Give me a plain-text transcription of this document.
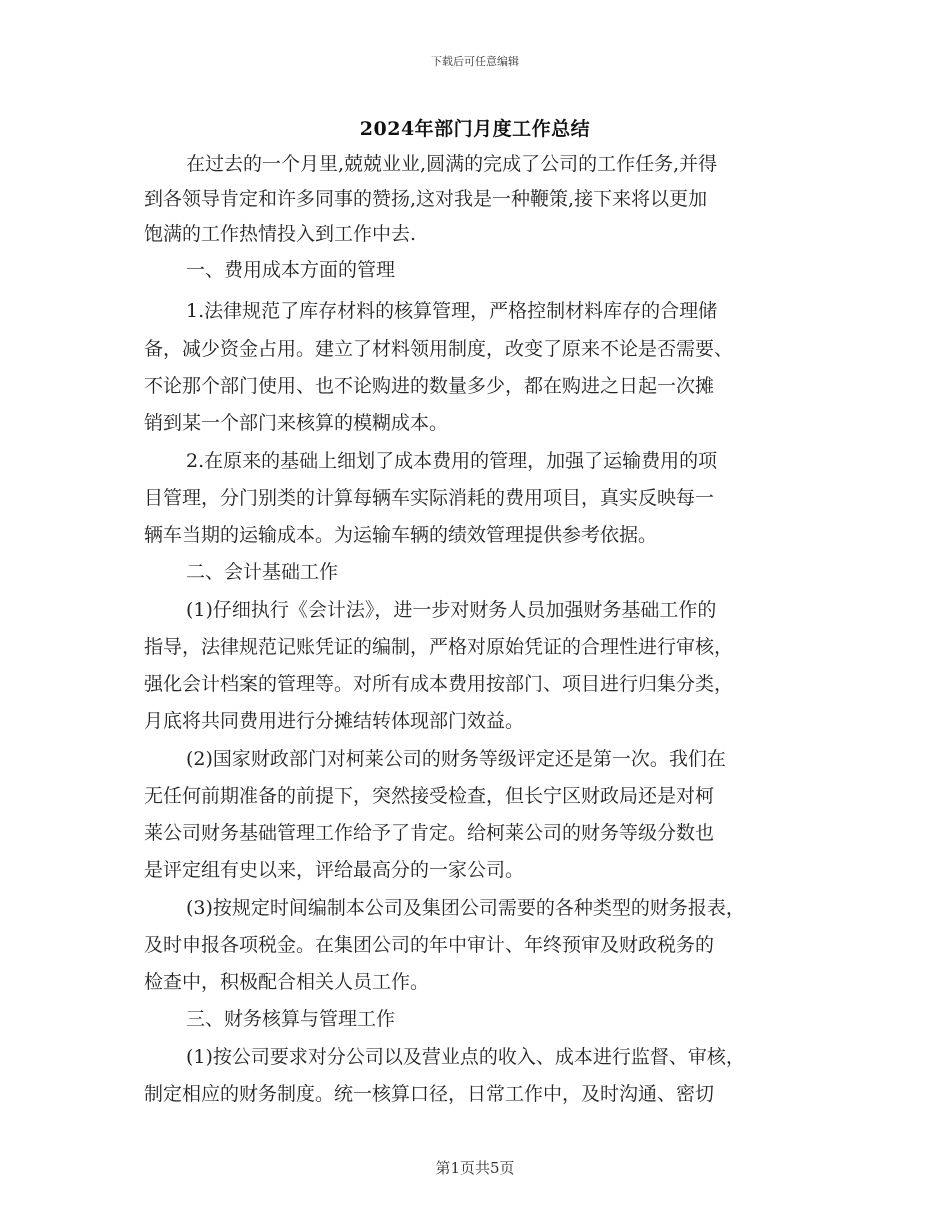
下载后可任意编辑
2024年部门月度工作总结
在过去的一个月里,兢兢业业,圆满的完成了公司的工作任务,并得
到各领导肯定和许多同事的赞扬,这对我是一种鞭策,接下来将以更加
饱满的工作热情投入到工作中去.
一、费用成本方面的管理
1.法律规范了库存材料的核算管理，严格控制材料库存的合理储
备，减少资金占用。建立了材料领用制度，改变了原来不论是否需要、
不论那个部门使用、也不论购进的数量多少，都在购进之日起一次摊
销到某一个部门来核算的模糊成本。
2.在原来的基础上细划了成本费用的管理，加强了运输费用的项
目管理，分门别类的计算每辆车实际消耗的费用项目，真实反映每一
辆车当期的运输成本。为运输车辆的绩效管理提供参考依据。
二、会计基础工作
(1)仔细执行《会计法》，进一步对财务人员加强财务基础工作的
指导，法律规范记账凭证的编制，严格对原始凭证的合理性进行审核，
强化会计档案的管理等。对所有成本费用按部门、项目进行归集分类，
月底将共同费用进行分摊结转体现部门效益。
(2)国家财政部门对柯莱公司的财务等级评定还是第一次。我们在
无任何前期准备的前提下，突然接受检查，但长宁区财政局还是对柯
莱公司财务基础管理工作给予了肯定。给柯莱公司的财务等级分数也
是评定组有史以来，评给最高分的一家公司。
(3)按规定时间编制本公司及集团公司需要的各种类型的财务报表，
及时申报各项税金。在集团公司的年中审计、年终预审及财政税务的
检查中，积极配合相关人员工作。
三、财务核算与管理工作
(1)按公司要求对分公司以及营业点的收入、成本进行监督、审核，
制定相应的财务制度。统一核算口径，日常工作中，及时沟通、密切
第1页共5页
